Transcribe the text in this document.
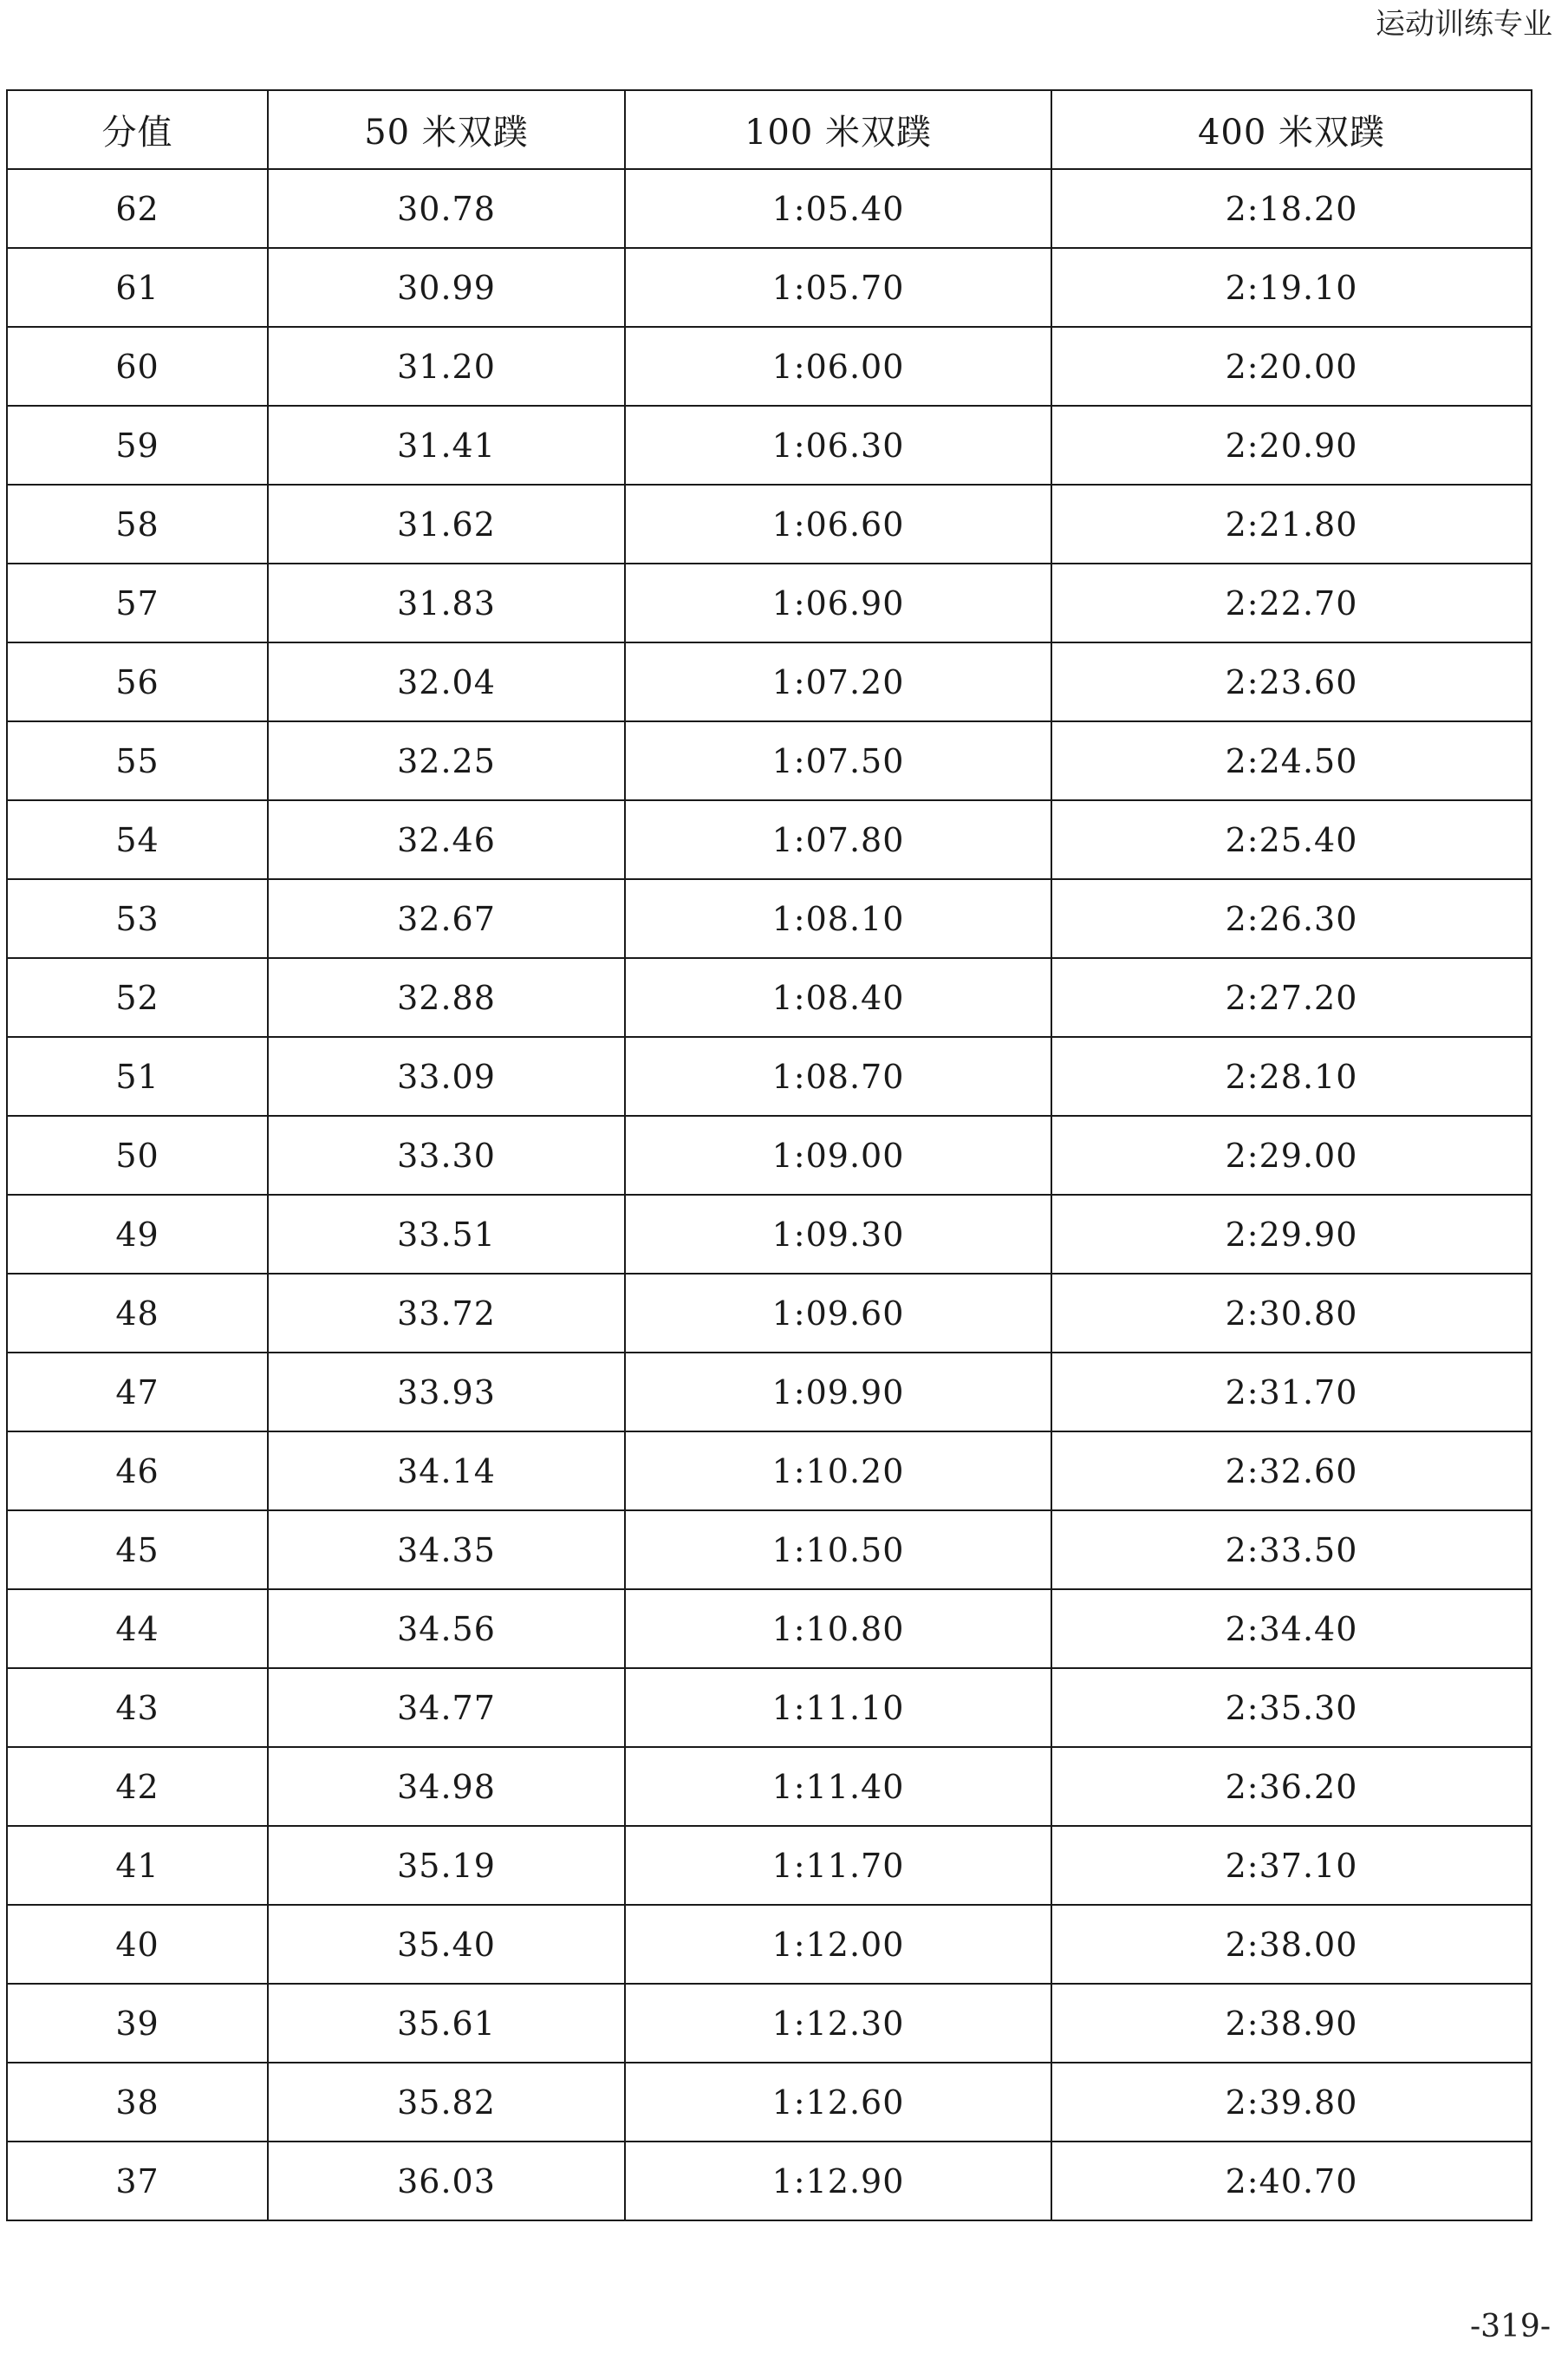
运动训练专业
分值	50 米双蹼	100 米双蹼	400 米双蹼
62	30.78	1:05.40	2:18.20
61	30.99	1:05.70	2:19.10
60	31.20	1:06.00	2:20.00
59	31.41	1:06.30	2:20.90
58	31.62	1:06.60	2:21.80
57	31.83	1:06.90	2:22.70
56	32.04	1:07.20	2:23.60
55	32.25	1:07.50	2:24.50
54	32.46	1:07.80	2:25.40
53	32.67	1:08.10	2:26.30
52	32.88	1:08.40	2:27.20
51	33.09	1:08.70	2:28.10
50	33.30	1:09.00	2:29.00
49	33.51	1:09.30	2:29.90
48	33.72	1:09.60	2:30.80
47	33.93	1:09.90	2:31.70
46	34.14	1:10.20	2:32.60
45	34.35	1:10.50	2:33.50
44	34.56	1:10.80	2:34.40
43	34.77	1:11.10	2:35.30
42	34.98	1:11.40	2:36.20
41	35.19	1:11.70	2:37.10
40	35.40	1:12.00	2:38.00
39	35.61	1:12.30	2:38.90
38	35.82	1:12.60	2:39.80
37	36.03	1:12.90	2:40.70
-319-
